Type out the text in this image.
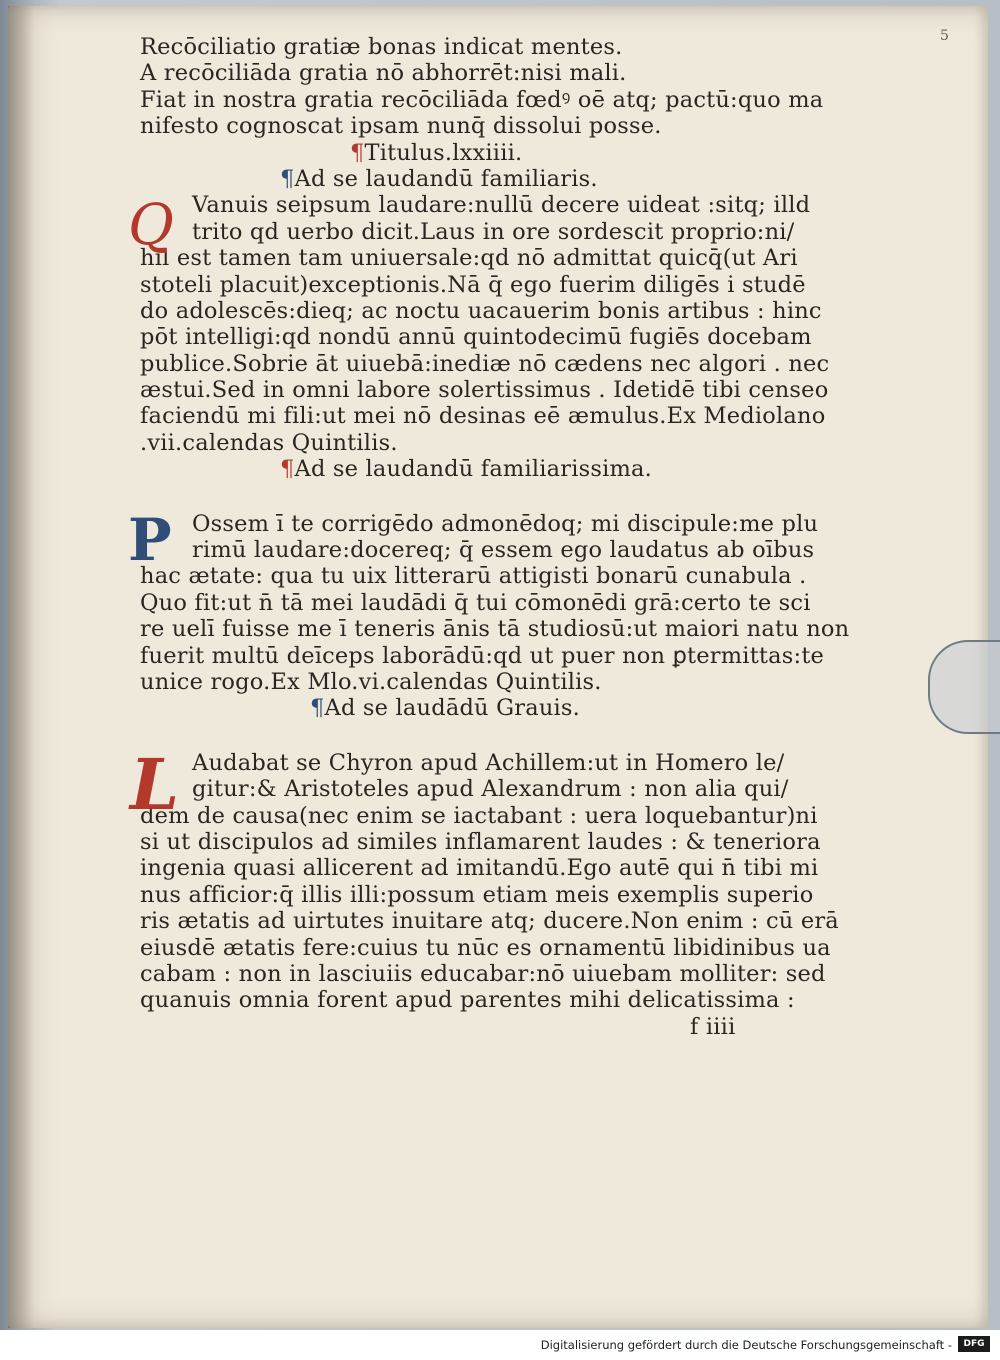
5
Recōciliatio gratiæ bonas indicat mentes.
A recōciliāda gratia nō abhorrēt:nisi mali.
Fiat in nostra gratia recōciliāda fœdꝰ oē atq; pactū:quo ma
nifesto cognoscat ipsam nunq̄ dissolui posse.
¶Titulus.lxxiiii.
¶Ad se laudandū familiaris.
Q Vanuis seipsum laudare:nullū decere uideat :sitq; illd
trito qd uerbo dicit.Laus in ore sordescit proprio:ni/
hil est tamen tam uniuersale:qd nō admittat quicq̄(ut Ari
stoteli placuit)exceptionis.Nā q̄ ego fuerim diligēs i studē
do adolescēs:dieq; ac noctu uacauerim bonis artibus : hinc
pōt intelligi:qd nondū annū quintodecimū fugiēs docebam
publice.Sobrie āt uiuebā:inediæ nō cædens nec algori . nec
æstui.Sed in omni labore solertissimus . Idetidē tibi censeo
faciendū mi fili:ut mei nō desinas eē æmulus.Ex Mediolano
.vii.calendas Quintilis.
¶Ad se laudandū familiarissima.
P Ossem ī te corrigēdo admonēdoq; mi discipule:me plu
rimū laudare:docereq; q̄ essem ego laudatus ab oībus
hac ætate: qua tu uix litterarū attigisti bonarū cunabula .
Quo fit:ut n̄ tā mei laudādi q̄ tui cōmonēdi grā:certo te sci
re uelī fuisse me ī teneris ānis tā studiosū:ut maiori natu non
fuerit multū deīceps laborādū:qd ut puer non ꝑtermittas:te
unice rogo.Ex Mlo.vi.calendas Quintilis.
¶Ad se laudādū Grauis.
L Audabat se Chyron apud Achillem:ut in Homero le/
gitur:& Aristoteles apud Alexandrum : non alia qui/
dem de causa(nec enim se iactabant : uera loquebantur)ni
si ut discipulos ad similes inflamarent laudes : & teneriora
ingenia quasi allicerent ad imitandū.Ego autē qui n̄ tibi mi
nus afficior:q̄ illis illi:possum etiam meis exemplis superio
ris ætatis ad uirtutes inuitare atq; ducere.Non enim : cū erā
eiusdē ætatis fere:cuius tu nūc es ornamentū libidinibus ua
cabam : non in lasciuiis educabar:nō uiuebam molliter: sed
quanuis omnia forent apud parentes mihi delicatissima :
f iiii
Digitalisierung gefördert durch die Deutsche Forschungsgemeinschaft -	DFG
